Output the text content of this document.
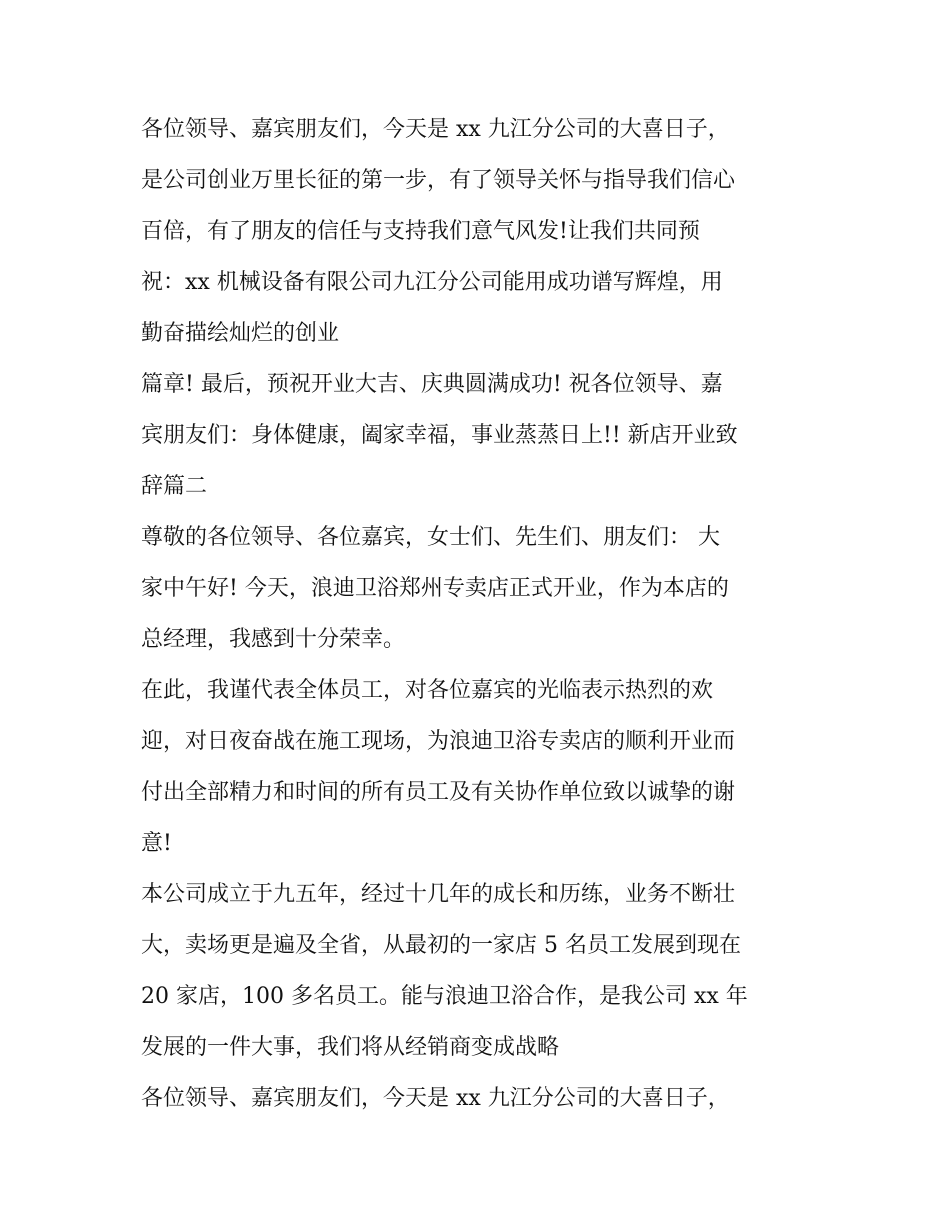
各位领导、嘉宾朋友们，今天是 xx 九江分公司的大喜日子，
是公司创业万里长征的第一步，有了领导关怀与指导我们信心
百倍，有了朋友的信任与支持我们意气风发!让我们共同预
祝：xx 机械设备有限公司九江分公司能用成功谱写辉煌，用
勤奋描绘灿烂的创业
篇章! 最后，预祝开业大吉、庆典圆满成功! 祝各位领导、嘉
宾朋友们：身体健康，阖家幸福，事业蒸蒸日上!! 新店开业致
辞篇二
尊敬的各位领导、各位嘉宾，女士们、先生们、朋友们： 大
家中午好! 今天，浪迪卫浴郑州专卖店正式开业，作为本店的
总经理，我感到十分荣幸。
在此，我谨代表全体员工，对各位嘉宾的光临表示热烈的欢
迎，对日夜奋战在施工现场，为浪迪卫浴专卖店的顺利开业而
付出全部精力和时间的所有员工及有关协作单位致以诚挚的谢
意!
本公司成立于九五年，经过十几年的成长和历练，业务不断壮
大，卖场更是遍及全省，从最初的一家店 5 名员工发展到现在
20 家店，100 多名员工。能与浪迪卫浴合作，是我公司 xx 年
发展的一件大事，我们将从经销商变成战略
各位领导、嘉宾朋友们，今天是 xx 九江分公司的大喜日子，
